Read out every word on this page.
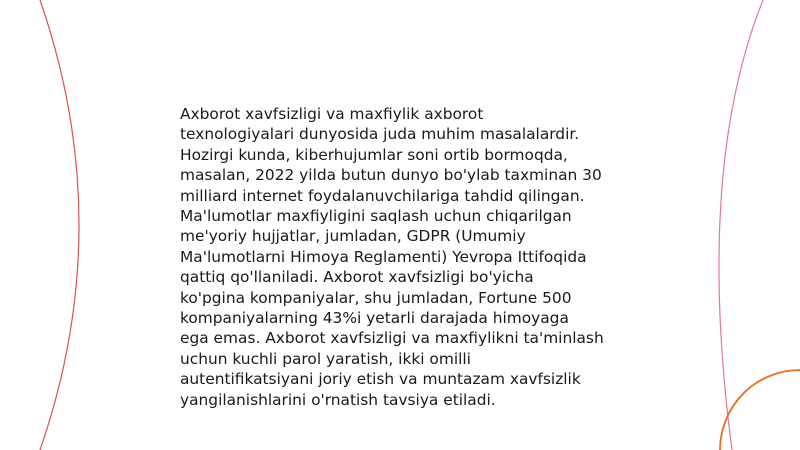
Axborot xavfsizligi va maxfiylik axborot
texnologiyalari dunyosida juda muhim masalalardir.
Hozirgi kunda, kiberhujumlar soni ortib bormoqda,
masalan, 2022 yilda butun dunyo bo'ylab taxminan 30
milliard internet foydalanuvchilariga tahdid qilingan.
Ma'lumotlar maxfiyligini saqlash uchun chiqarilgan
me'yoriy hujjatlar, jumladan, GDPR (Umumiy
Ma'lumotlarni Himoya Reglamenti) Yevropa Ittifoqida
qattiq qo'llaniladi. Axborot xavfsizligi bo'yicha
ko'pgina kompaniyalar, shu jumladan, Fortune 500
kompaniyalarning 43%i yetarli darajada himoyaga
ega emas. Axborot xavfsizligi va maxfiylikni ta'minlash
uchun kuchli parol yaratish, ikki omilli
autentifikatsiyani joriy etish va muntazam xavfsizlik
yangilanishlarini o'rnatish tavsiya etiladi.
